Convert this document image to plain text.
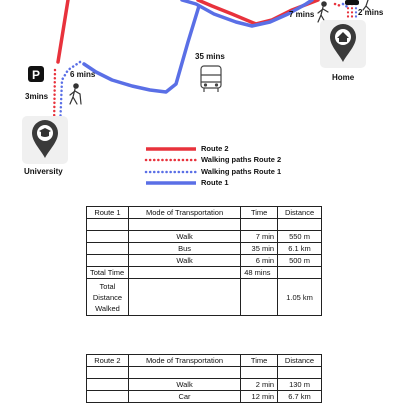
P	6 mins
35 mins
7 mins	2 mins
3mins
University
Home
Route 2
Walking paths Route 2
Walking paths Route 1
Route 1
Route 1	Mode of Transportation	Time	Distance

	Walk	7 min	550 m
	Bus	35 min	6.1 km
	Walk	6 min	500 m
Total Time		48 mins	

Total
Distance
Walked			1.05 km
Route 2	Mode of Transportation	Time	Distance

	Walk	2 min	130 m
	Car	12 min	6.7 km
